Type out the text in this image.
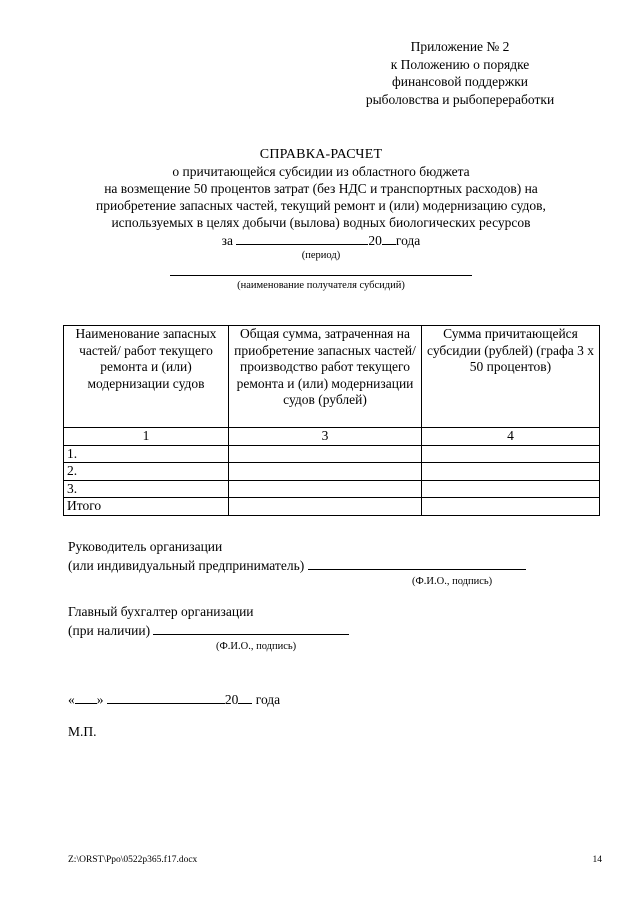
Приложение № 2
к Положению о порядке
финансовой поддержки
рыболовства и рыбопереработки
СПРАВКА-РАСЧЕТ
о причитающейся субсидии из областного бюджета
на возмещение 50 процентов затрат (без НДС и транспортных расходов) на
приобретение запасных частей, текущий ремонт и (или) модернизацию судов,
используемых в целях добычи (вылова) водных биологических ресурсов
за	20 года
(период)
(наименование получателя субсидий)
Наименование запасных частей/ работ текущего ремонта и (или) модернизации судов	Общая сумма, затраченная на приобретение запасных частей/производство работ текущего ремонта и (или) модернизации судов (рублей)	Сумма причитающейся субсидии (рублей) (графа 3 х 50 процентов)
1	3	4
1.		
2.		
3.		
Итого		
Руководитель организации
(или индивидуальный предприниматель)
(Ф.И.О., подпись)
Главный бухгалтер организации
(при наличии)
(Ф.И.О., подпись)
« »	20 года
М.П.
Z:\ORST\Ppo\0522p365.f17.docx	14
